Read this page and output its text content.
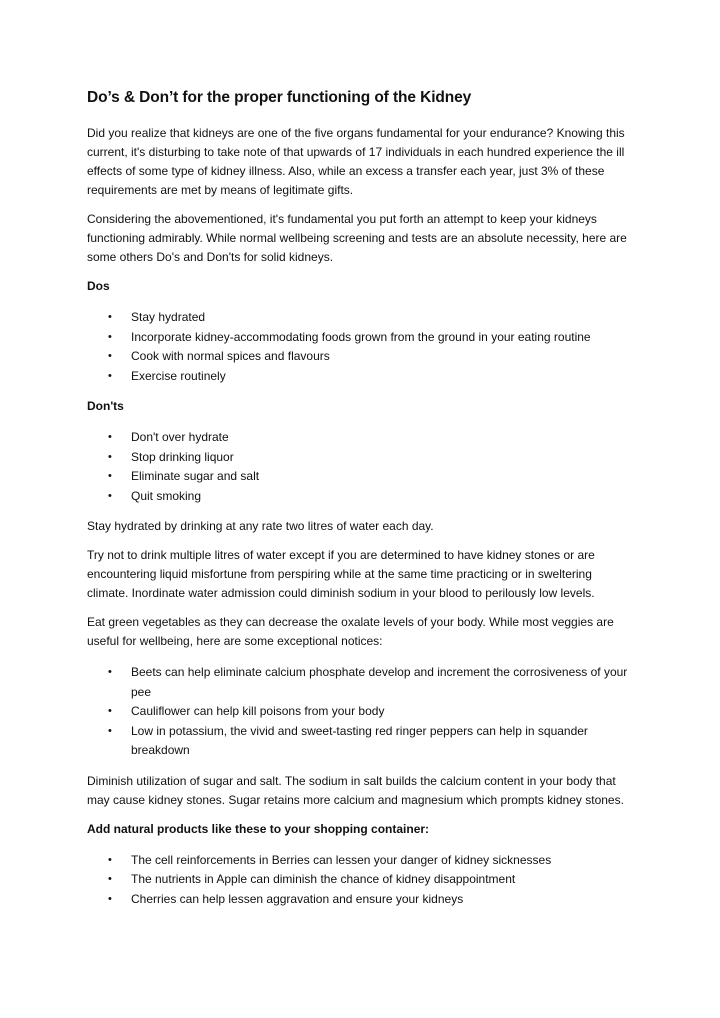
Do’s & Don’t for the proper functioning of the Kidney

Did you realize that kidneys are one of the five organs fundamental for your endurance? Knowing this current, it's disturbing to take note of that upwards of 17 individuals in each hundred experience the ill effects of some type of kidney illness. Also, while an excess a transfer each year, just 3% of these requirements are met by means of legitimate gifts.

Considering the abovementioned, it's fundamental you put forth an attempt to keep your kidneys functioning admirably. While normal wellbeing screening and tests are an absolute necessity, here are some others Do's and Don'ts for solid kidneys.

Dos
• Stay hydrated
• Incorporate kidney-accommodating foods grown from the ground in your eating routine
• Cook with normal spices and flavours
• Exercise routinely
Don'ts
• Don't over hydrate
• Stop drinking liquor
• Eliminate sugar and salt
• Quit smoking

Stay hydrated by drinking at any rate two litres of water each day.

Try not to drink multiple litres of water except if you are determined to have kidney stones or are encountering liquid misfortune from perspiring while at the same time practicing or in sweltering climate. Inordinate water admission could diminish sodium in your blood to perilously low levels.

Eat green vegetables as they can decrease the oxalate levels of your body. While most veggies are useful for wellbeing, here are some exceptional notices:

• Beets can help eliminate calcium phosphate develop and increment the corrosiveness of your pee
• Cauliflower can help kill poisons from your body
• Low in potassium, the vivid and sweet-tasting red ringer peppers can help in squander breakdown

Diminish utilization of sugar and salt. The sodium in salt builds the calcium content in your body that may cause kidney stones. Sugar retains more calcium and magnesium which prompts kidney stones.

Add natural products like these to your shopping container:
• The cell reinforcements in Berries can lessen your danger of kidney sicknesses
• The nutrients in Apple can diminish the chance of kidney disappointment
• Cherries can help lessen aggravation and ensure your kidneys
